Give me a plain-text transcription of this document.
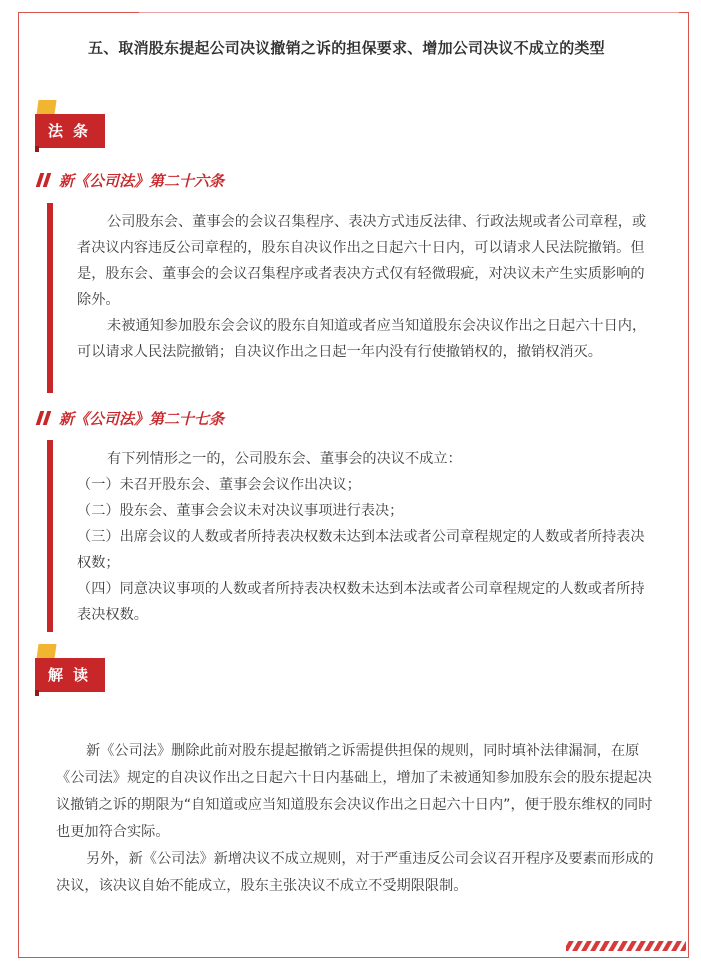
五、取消股东提起公司决议撤销之诉的担保要求、增加公司决议不成立的类型
法条
新《公司法》第二十六条

公司股东会、董事会的会议召集程序、表决方式违反法律、行政法规或者公司章程，或者决议内容违反公司章程的，股东自决议作出之日起六十日内，可以请求人民法院撤销。但是，股东会、董事会的会议召集程序或者表决方式仅有轻微瑕疵，对决议未产生实质影响的除外。

未被通知参加股东会会议的股东自知道或者应当知道股东会决议作出之日起六十日内，可以请求人民法院撤销；自决议作出之日起一年内没有行使撤销权的，撤销权消灭。

新《公司法》第二十七条

有下列情形之一的，公司股东会、董事会的决议不成立：

（一）未召开股东会、董事会会议作出决议；

（二）股东会、董事会会议未对决议事项进行表决；

（三）出席会议的人数或者所持表决权数未达到本法或者公司章程规定的人数或者所持表决权数；

（四）同意决议事项的人数或者所持表决权数未达到本法或者公司章程规定的人数或者所持表决权数。

解读

新《公司法》删除此前对股东提起撤销之诉需提供担保的规则，同时填补法律漏洞，在原《公司法》规定的自决议作出之日起六十日内基础上，增加了未被通知参加股东会的股东提起决议撤销之诉的期限为“自知道或应当知道股东会决议作出之日起六十日内”，便于股东维权的同时也更加符合实际。

另外，新《公司法》新增决议不成立规则，对于严重违反公司会议召开程序及要素而形成的决议，该决议自始不能成立，股东主张决议不成立不受期限限制。
